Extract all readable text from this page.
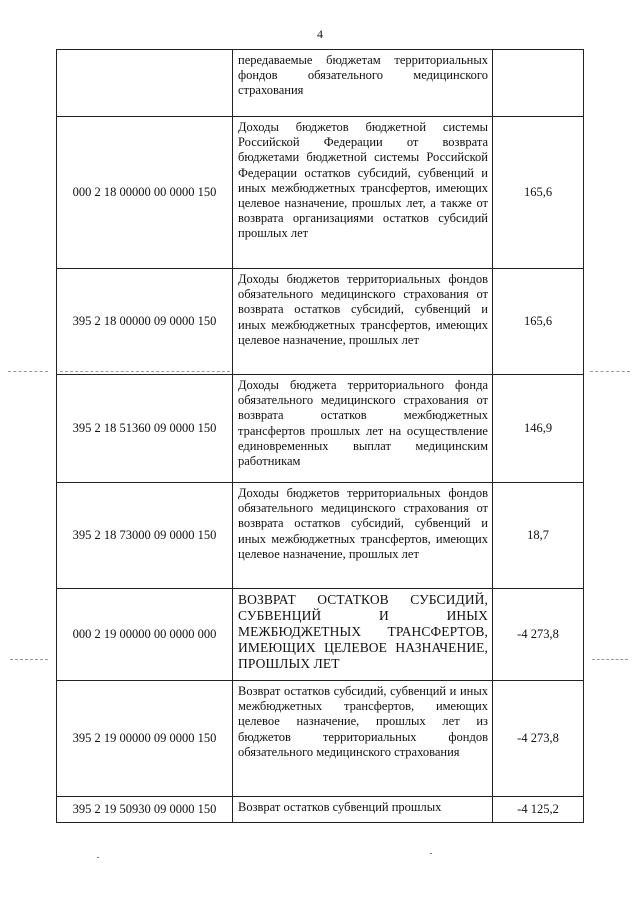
4
передаваемые бюджетам территориальных фондов обязательного медицинского страхования
000 2 18 00000 00 0000 150
Доходы бюджетов бюджетной системы Российской Федерации от возврата бюджетами бюджетной системы Российской Федерации остатков субсидий, субвенций и иных межбюджетных трансфертов, имеющих целевое назначение, прошлых лет, а также от возврата организациями остатков субсидий прошлых лет
165,6
395 2 18 00000 09 0000 150
Доходы бюджетов территориальных фондов обязательного медицинского страхования от возврата остатков субсидий, субвенций и иных межбюджетных трансфертов, имеющих целевое назначение, прошлых лет
165,6
395 2 18 51360 09 0000 150
Доходы бюджета территориального фонда обязательного медицинского страхования от возврата остатков межбюджетных трансфертов прошлых лет на осуществление единовременных выплат медицинским работникам
146,9
395 2 18 73000 09 0000 150
Доходы бюджетов территориальных фондов обязательного медицинского страхования от возврата остатков субсидий, субвенций и иных межбюджетных трансфертов, имеющих целевое назначение, прошлых лет
18,7
000 2 19 00000 00 0000 000
ВОЗВРАТ ОСТАТКОВ СУБСИДИЙ, СУБВЕНЦИЙ И ИНЫХ МЕЖБЮДЖЕТНЫХ ТРАНСФЕРТОВ, ИМЕЮЩИХ ЦЕЛЕВОЕ НАЗНАЧЕНИЕ, ПРОШЛЫХ ЛЕТ
-4 273,8
395 2 19 00000 09 0000 150
Возврат остатков субсидий, субвенций и иных межбюджетных трансфертов, имеющих целевое назначение, прошлых лет из бюджетов территориальных фондов обязательного медицинского страхования
-4 273,8
395 2 19 50930 09 0000 150	Возврат остатков субвенций прошлых	-4 125,2
